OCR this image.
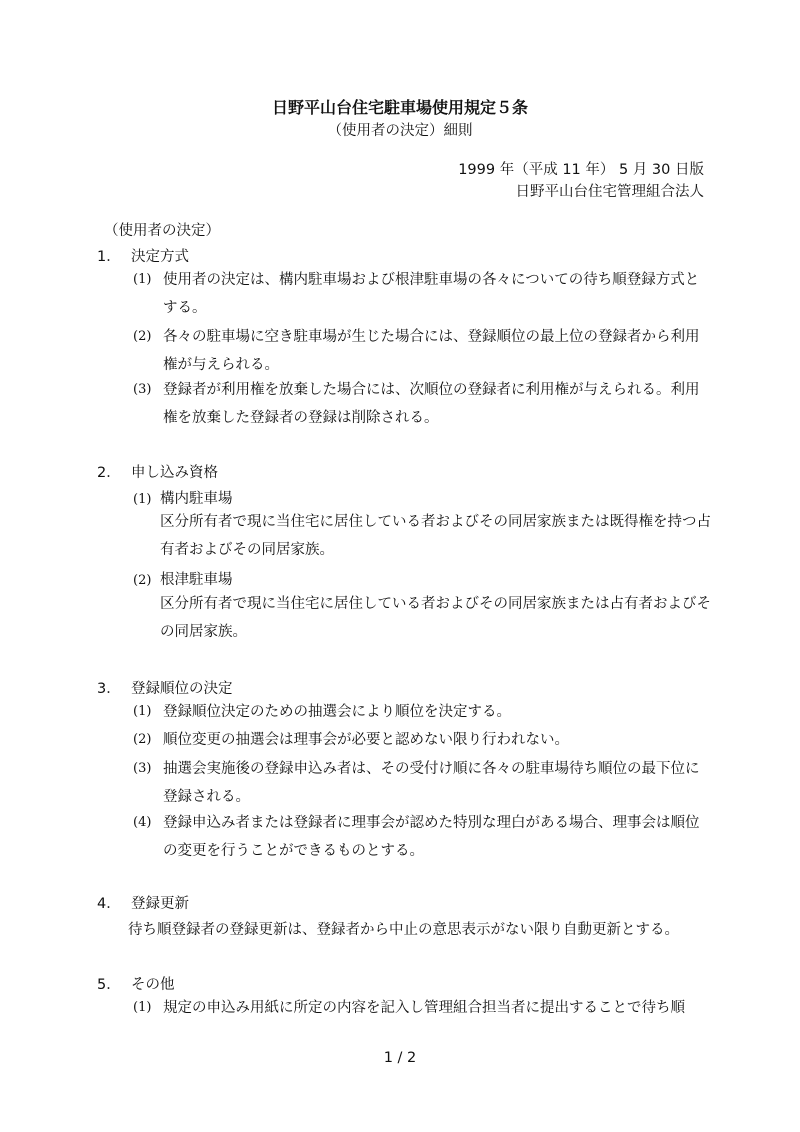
日野平山台住宅駐車場使用規定５条
（使用者の決定）細則
1999 年（平成 11 年） 5 月 30 日版
日野平山台住宅管理組合法人
（使用者の決定）
1． 決定方式
(1) 使用者の決定は、構内駐車場および根津駐車場の各々についての待ち順登録方式とする。
(2) 各々の駐車場に空き駐車場が生じた場合には、登録順位の最上位の登録者から利用権が与えられる。
(3) 登録者が利用権を放棄した場合には、次順位の登録者に利用権が与えられる。利用権を放棄した登録者の登録は削除される。
2． 申し込み資格
(1) 構内駐車場
区分所有者で現に当住宅に居住している者およびその同居家族または既得権を持つ占有者およびその同居家族。
(2) 根津駐車場
区分所有者で現に当住宅に居住している者およびその同居家族または占有者およびその同居家族。
3． 登録順位の決定
(1) 登録順位決定のための抽選会により順位を決定する。
(2) 順位変更の抽選会は理事会が必要と認めない限り行われない。
(3) 抽選会実施後の登録申込み者は、その受付け順に各々の駐車場待ち順位の最下位に登録される。
(4) 登録申込み者または登録者に理事会が認めた特別な理白がある場合、理事会は順位の変更を行うことができるものとする。
4． 登録更新
待ち順登録者の登録更新は、登録者から中止の意思表示がない限り自動更新とする。
5． その他
(1) 規定の申込み用紙に所定の内容を記入し管理組合担当者に提出することで待ち順
1 / 2
